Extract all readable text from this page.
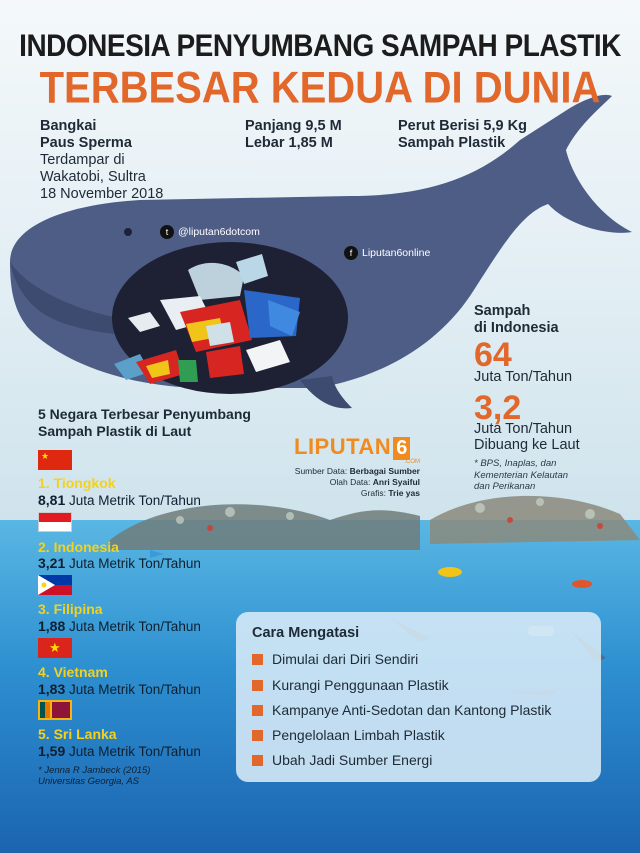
INDONESIA PENYUMBANG SAMPAH PLASTIK
TERBESAR KEDUA DI DUNIA
Bangkai
Paus Sperma
Terdampar di
Wakatobi, Sultra
18 November 2018
Panjang 9,5 M
Lebar 1,85 M
Perut Berisi 5,9 Kg
Sampah Plastik
t @liputan6dotcom
f Liputan6online
Sampah
di Indonesia
64
Juta Ton/Tahun
3,2
Juta Ton/Tahun
Dibuang ke Laut
* BPS, Inaplas, dan
Kementerian Kelautan
dan Perikanan
LIPUTAN 6
.COM
Sumber Data: Berbagai Sumber
Olah Data: Anri Syaiful
Grafis: Trie yas
5 Negara Terbesar Penyumbang
Sampah Plastik di Laut
★
★
1. Tiongkok
8,81 Juta Metrik Ton/Tahun
2. Indonesia
3,21 Juta Metrik Ton/Tahun
3. Filipina
1,88 Juta Metrik Ton/Tahun
4. Vietnam
1,83 Juta Metrik Ton/Tahun
5. Sri Lanka
1,59 Juta Metrik Ton/Tahun
* Jenna R Jambeck (2015)
Universitas Georgia, AS
Cara Mengatasi
Dimulai dari Diri Sendiri
Kurangi Penggunaan Plastik
Kampanye Anti-Sedotan dan Kantong Plastik
Pengelolaan Limbah Plastik
Ubah Jadi Sumber Energi
